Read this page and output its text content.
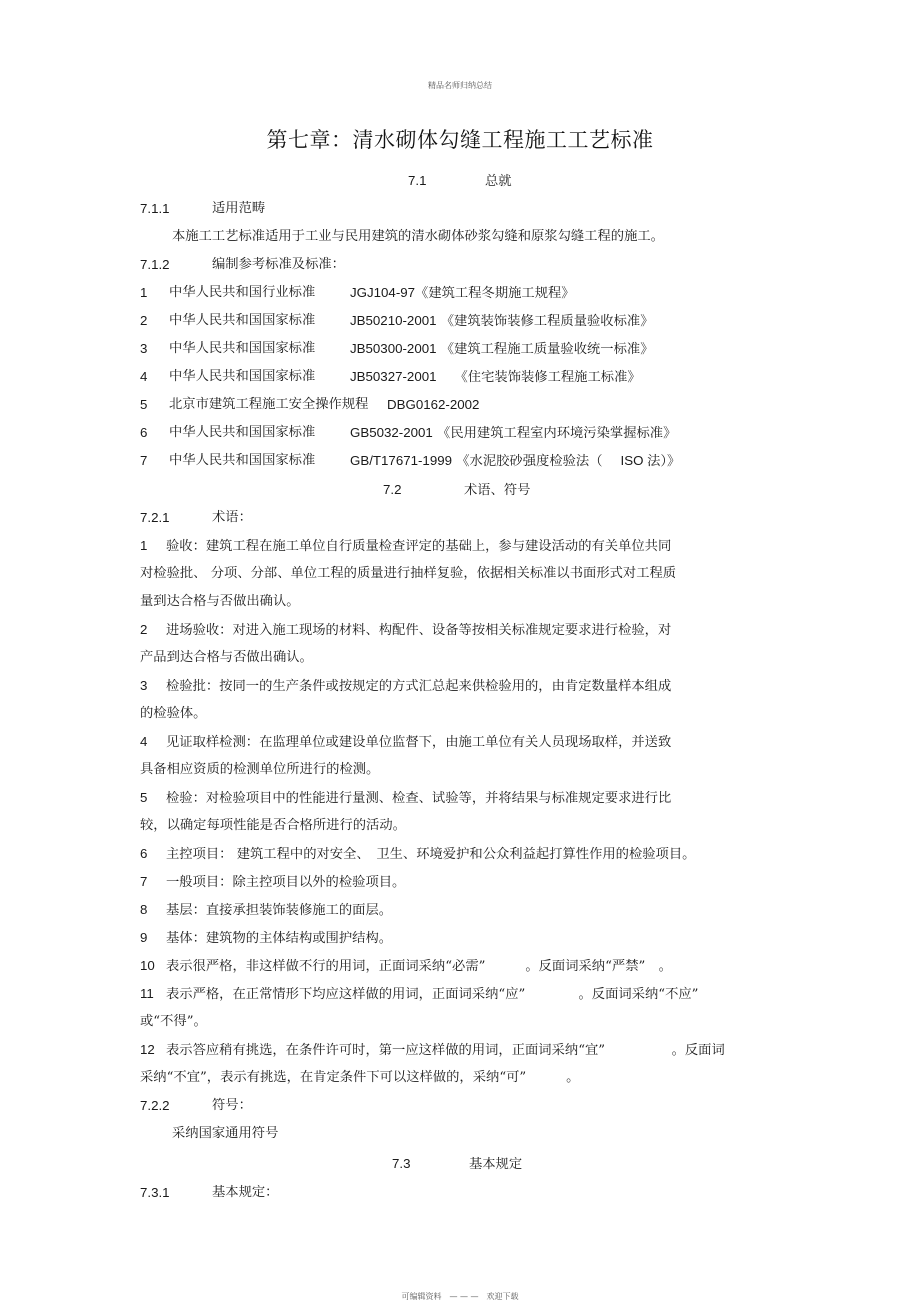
精品名师归纳总结
第七章：清水砌体勾缝工程施工工艺标准
7.1	总就
7.1.1	适用范畴
本施工工艺标准适用于工业与民用建筑的清水砌体砂浆勾缝和原浆勾缝工程的施工。
7.1.2	编制参考标准及标准：
1 中华人民共和国行业标准	JGJ104-97《建筑工程冬期施工规程》
2 中华人民共和国国家标准	JB50210-2001 《建筑装饰装修工程质量验收标准》
3 中华人民共和国国家标准	JB50300-2001 《建筑工程施工质量验收统一标准》
4 中华人民共和国国家标准	JB50327-2001 《住宅装饰装修工程施工标准》
5 北京市建筑工程施工安全操作规程 DBG0162-2002
6 中华人民共和国国家标准	GB5032-2001 《民用建筑工程室内环境污染掌握标准》
7 中华人民共和国国家标准	GB/T17671-1999 《水泥胶砂强度检验法（ ISO 法）》
7.2	术语、符号
7.2.1	术语：
1 验收：建筑工程在施工单位自行质量检查评定的基础上，参与建设活动的有关单位共同
对检验批、 分项、分部、单位工程的质量进行抽样复验，依据相关标准以书面形式对工程质
量到达合格与否做出确认。
2 进场验收：对进入施工现场的材料、构配件、设备等按相关标准规定要求进行检验，对
产品到达合格与否做出确认。
3 检验批：按同一的生产条件或按规定的方式汇总起来供检验用的，由肯定数量样本组成
的检验体。
4 见证取样检测：在监理单位或建设单位监督下，由施工单位有关人员现场取样，并送致
具备相应资质的检测单位所进行的检测。
5 检验：对检验项目中的性能进行量测、检查、试验等，并将结果与标准规定要求进行比
较，以确定每项性能是否合格所进行的活动。
6 主控项目： 建筑工程中的对安全、　卫生、环境爱护和公众利益起打算性作用的检验项目。
7 一般项目：除主控项目以外的检验项目。
8 基层：直接承担装饰装修施工的面层。
9 基体：建筑物的主体结构或围护结构。
10 表示很严格，非这样做不行的用词，正面词采纳“必需”　　　。反面词采纳“严禁”　。
11 表示严格，在正常情形下均应这样做的用词，正面词采纳“应”　　　　。反面词采纳“不应”
或“不得”。
12 表示答应稍有挑选，在条件许可时，第一应这样做的用词，正面词采纳“宜”　　　　　。反面词
采纳“不宜”，表示有挑选，在肯定条件下可以这样做的，采纳“可”　　　。
7.2.2	符号：
采纳国家通用符号
7.3	基本规定
7.3.1	基本规定：
可编辑资料　— — —　欢迎下载
